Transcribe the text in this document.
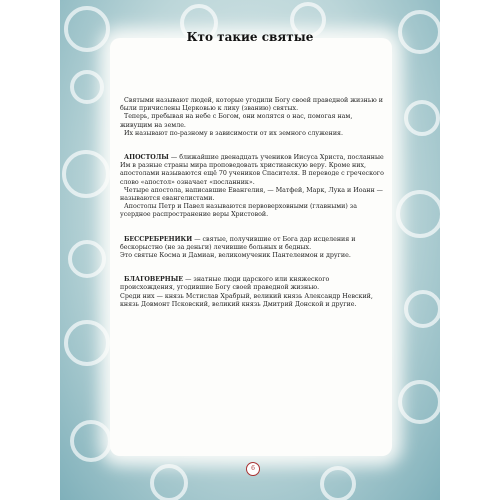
Кто такие святые

Святыми называют людей, которые угодили Богу своей праведной жизнью и были причислены Церковью к лику (званию) святых.

Теперь, пребывая на небе с Богом, они молятся о нас, помогая нам, живущим на земле.

Их называют по-разному в зависимости от их земного служения.

АПОСТОЛЫ — ближайшие двенадцать учеников Иисуса Христа, посланные Им в разные страны мира проповедовать христианскую веру. Кроме них, апостолами называются ещё 70 учеников Спасителя. В переводе с греческого слово «апостол» означает «посланник».

Четыре апостола, написавшие Евангелия, — Матфей, Марк, Лука и Иоанн — называются евангелистами.

Апостолы Петр и Павел называются первоверховными (главными) за усердное распространение веры Христовой.

БЕССРЕБРЕНИКИ — святые, получившие от Бога дар исцеления и бескорыстно (не за деньги) лечившие больных и бедных.

Это святые Косма и Дамиан, великомученик Пантелеимон и другие.

БЛАГОВЕРНЫЕ — знатные люди царского или княжеского происхождения, угодившие Богу своей праведной жизнью.

Среди них — князь Мстислав Храбрый, великий князь Александр Невский, князь Довмонт Псковский, великий князь Дмитрий Донской и другие.

6
